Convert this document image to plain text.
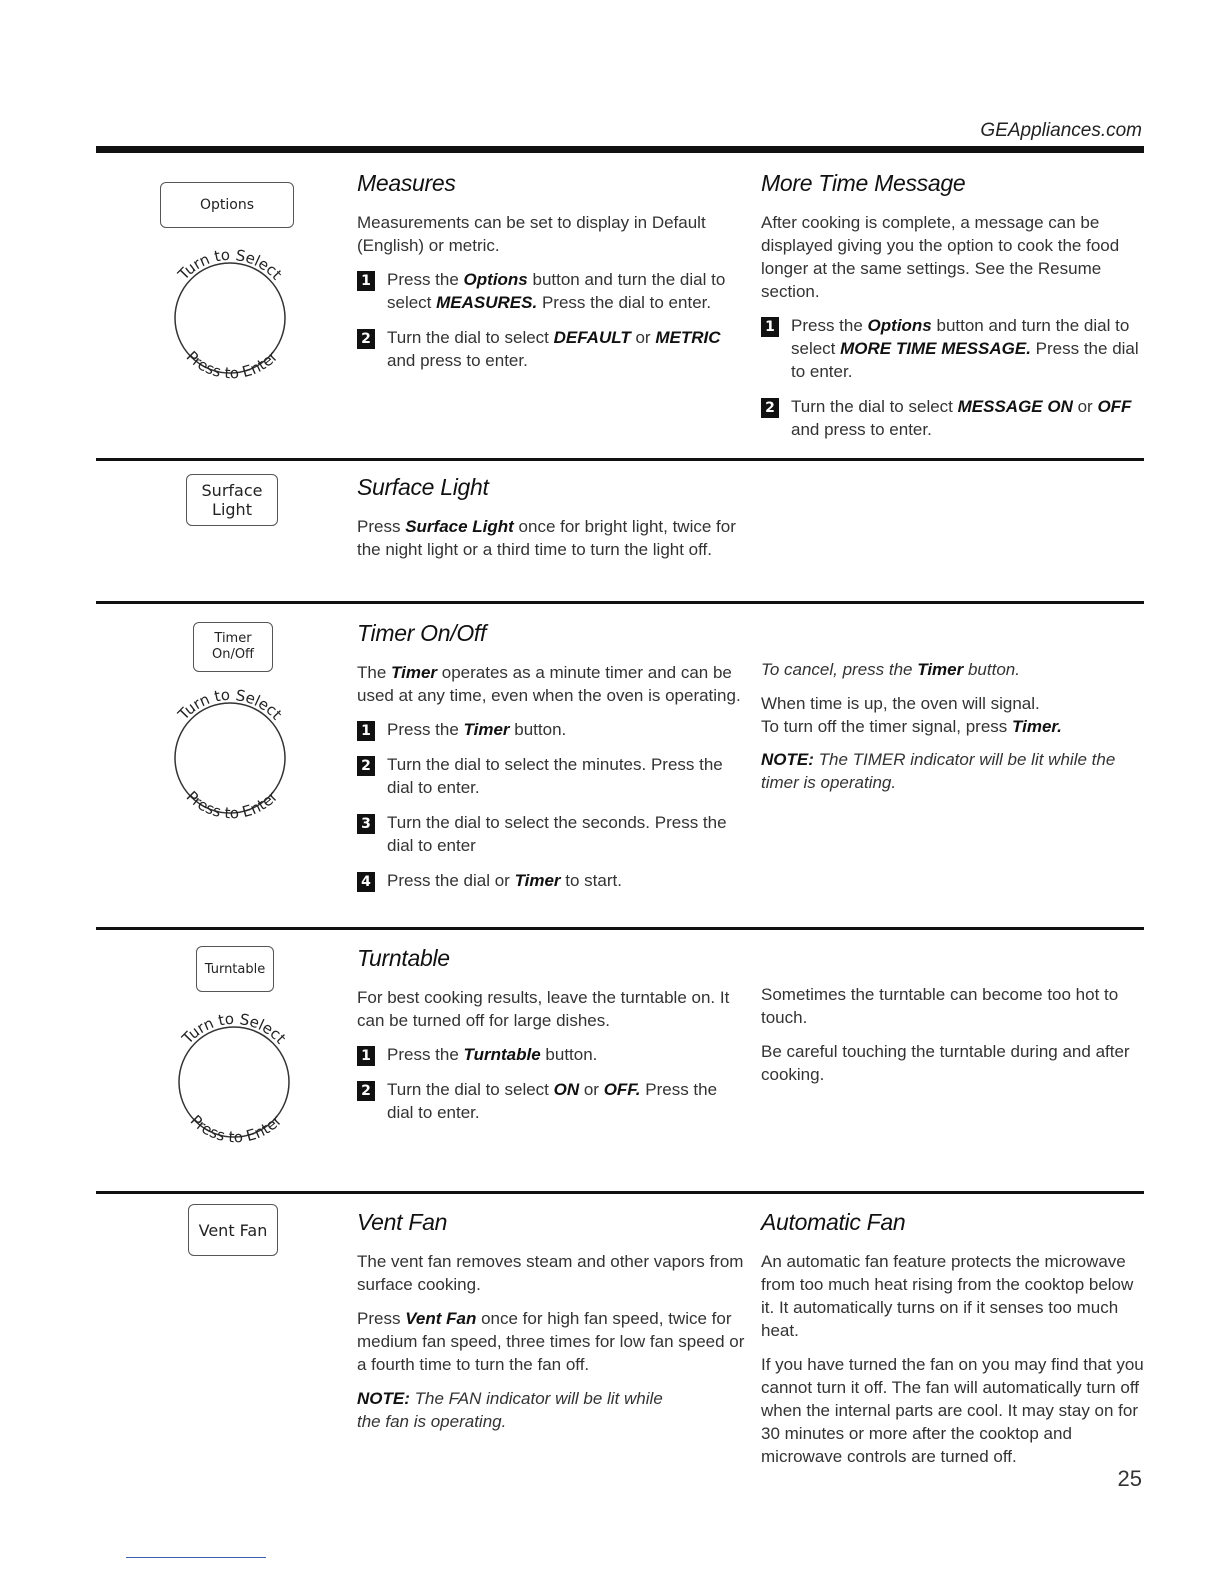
GEAppliances.com
Options
Turn to Select
Press to Enter
Measures

Measurements can be set to display in Default (English) or metric.

1 Press the Options button and turn the dial to select MEASURES. Press the dial to enter.
2 Turn the dial to select DEFAULT or METRIC and press to enter.
More Time Message

After cooking is complete, a message can be displayed giving you the option to cook the food longer at the same settings. See the Resume section.

1 Press the Options button and turn the dial to select MORE TIME MESSAGE. Press the dial to enter.
2 Turn the dial to select MESSAGE ON or OFF and press to enter.
Surface
Light
Surface Light

Press Surface Light once for bright light, twice for the night light or a third time to turn the light off.

Timer
On/Off
Turn to Select
Press to Enter
Timer On/Off

The Timer operates as a minute timer and can be used at any time, even when the oven is operating.

1 Press the Timer button.
2 Turn the dial to select the minutes. Press the dial to enter.
3 Turn the dial to select the seconds. Press the dial to enter
4 Press the dial or Timer to start.

To cancel, press the Timer button.

When time is up, the oven will signal.
To turn off the timer signal, press Timer.

NOTE: The TIMER indicator will be lit while the timer is operating.

Turntable
Turn to Select
Press to Enter
Turntable

For best cooking results, leave the turntable on. It can be turned off for large dishes.

1 Press the Turntable button.
2 Turn the dial to select ON or OFF. Press the dial to enter.

Sometimes the turntable can become too hot to touch.

Be careful touching the turntable during and after cooking.

Vent Fan	Vent Fan

The vent fan removes steam and other vapors from surface cooking.

Press Vent Fan once for high fan speed, twice for medium fan speed, three times for low fan speed or a fourth time to turn the fan off.

NOTE: The FAN indicator will be lit while the fan is operating.

Automatic Fan

An automatic fan feature protects the microwave from too much heat rising from the cooktop below it. It automatically turns on if it senses too much heat.

If you have turned the fan on you may find that you cannot turn it off. The fan will automatically turn off when the internal parts are cool. It may stay on for 30 minutes or more after the cooktop and microwave controls are turned off.

25
